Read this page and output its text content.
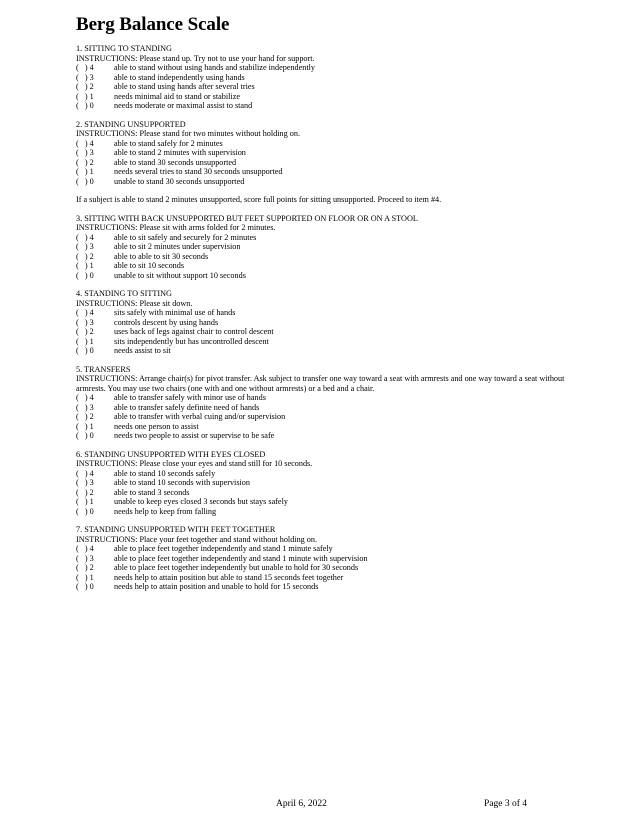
Berg Balance Scale
1. SITTING TO STANDING
INSTRUCTIONS: Please stand up. Try not to use your hand for support.
(   ) 4	able to stand without using hands and stabilize independently
(   ) 3	able to stand independently using hands
(   ) 2	able to stand using hands after several tries
(   ) 1	needs minimal aid to stand or stabilize
(   ) 0	needs moderate or maximal assist to stand
2. STANDING UNSUPPORTED
INSTRUCTIONS: Please stand for two minutes without holding on.
(   ) 4	able to stand safely for 2 minutes
(   ) 3	able to stand 2 minutes with supervision
(   ) 2	able to stand 30 seconds unsupported
(   ) 1	needs several tries to stand 30 seconds unsupported
(   ) 0	unable to stand 30 seconds unsupported
If a subject is able to stand 2 minutes unsupported, score full points for sitting unsupported. Proceed to item #4.
3. SITTING WITH BACK UNSUPPORTED BUT FEET SUPPORTED ON FLOOR OR ON A STOOL
INSTRUCTIONS: Please sit with arms folded for 2 minutes.
(   ) 4	able to sit safely and securely for 2 minutes
(   ) 3	able to sit 2 minutes under supervision
(   ) 2	able to able to sit 30 seconds
(   ) 1	able to sit 10 seconds
(   ) 0	unable to sit without support 10 seconds
4. STANDING TO SITTING
INSTRUCTIONS: Please sit down.
(   ) 4	sits safely with minimal use of hands
(   ) 3	controls descent by using hands
(   ) 2	uses back of legs against chair to control descent
(   ) 1	sits independently but has uncontrolled descent
(   ) 0	needs assist to sit
5. TRANSFERS
INSTRUCTIONS: Arrange chair(s) for pivot transfer. Ask subject to transfer one way toward a seat with armrests and one way toward a seat without armrests. You may use two chairs (one with and one without armrests) or a bed and a chair.
(   ) 4	able to transfer safely with minor use of hands
(   ) 3	able to transfer safely definite need of hands
(   ) 2	able to transfer with verbal cuing and/or supervision
(   ) 1	needs one person to assist
(   ) 0	needs two people to assist or supervise to be safe
6. STANDING UNSUPPORTED WITH EYES CLOSED
INSTRUCTIONS: Please close your eyes and stand still for 10 seconds.
(   ) 4	able to stand 10 seconds safely
(   ) 3	able to stand 10 seconds with supervision
(   ) 2	able to stand 3 seconds
(   ) 1	unable to keep eyes closed 3 seconds but stays safely
(   ) 0	needs help to keep from falling
7. STANDING UNSUPPORTED WITH FEET TOGETHER
INSTRUCTIONS: Place your feet together and stand without holding on.
(   ) 4	able to place feet together independently and stand 1 minute safely
(   ) 3	able to place feet together independently and stand 1 minute with supervision
(   ) 2	able to place feet together independently but unable to hold for 30 seconds
(   ) 1	needs help to attain position but able to stand 15 seconds feet together
(   ) 0	needs help to attain position and unable to hold for 15 seconds
April 6, 2022	Page 3 of 4
